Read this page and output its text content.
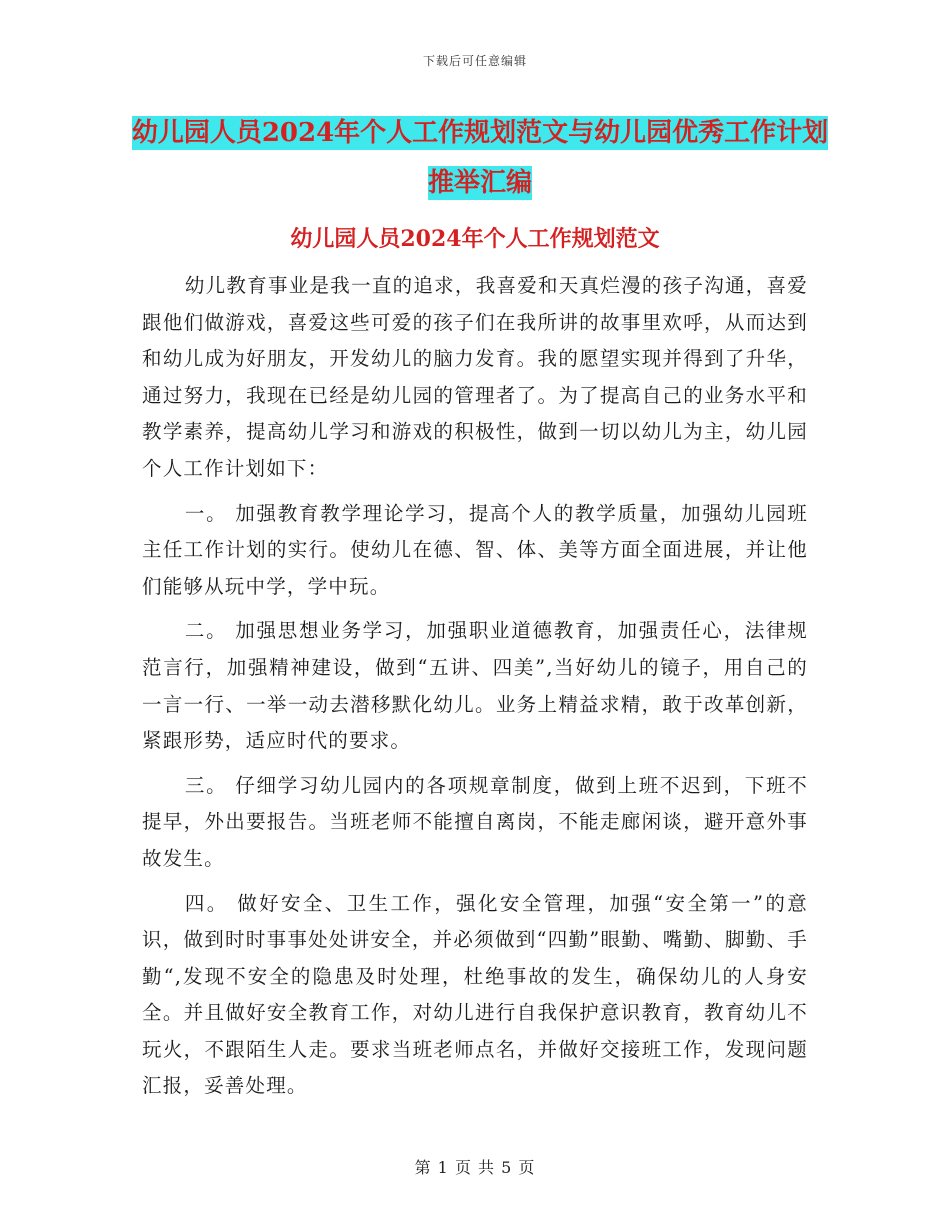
下载后可任意编辑
幼儿园人员2024年个人工作规划范文与幼儿园优秀工作计划推举汇编
幼儿园人员2024年个人工作规划范文

幼儿教育事业是我一直的追求，我喜爱和天真烂漫的孩子沟通，喜爱跟他们做游戏，喜爱这些可爱的孩子们在我所讲的故事里欢呼，从而达到和幼儿成为好朋友，开发幼儿的脑力发育。我的愿望实现并得到了升华，通过努力，我现在已经是幼儿园的管理者了。为了提高自己的业务水平和教学素养，提高幼儿学习和游戏的积极性，做到一切以幼儿为主，幼儿园个人工作计划如下：

一。 加强教育教学理论学习，提高个人的教学质量，加强幼儿园班主任工作计划的实行。使幼儿在德、智、体、美等方面全面进展，并让他们能够从玩中学，学中玩。

二。 加强思想业务学习，加强职业道德教育，加强责任心，法律规范言行，加强精神建设，做到“五讲、四美”,当好幼儿的镜子，用自己的一言一行、一举一动去潜移默化幼儿。业务上精益求精，敢于改革创新，紧跟形势，适应时代的要求。

三。 仔细学习幼儿园内的各项规章制度，做到上班不迟到，下班不提早，外出要报告。当班老师不能擅自离岗，不能走廊闲谈，避开意外事故发生。

四。 做好安全、卫生工作，强化安全管理，加强“安全第一”的意识，做到时时事事处处讲安全，并必须做到“四勤”眼勤、嘴勤、脚勤、手勤“,发现不安全的隐患及时处理，杜绝事故的发生，确保幼儿的人身安全。并且做好安全教育工作，对幼儿进行自我保护意识教育，教育幼儿不玩火，不跟陌生人走。要求当班老师点名，并做好交接班工作，发现问题汇报，妥善处理。

第 1 页 共 5 页
